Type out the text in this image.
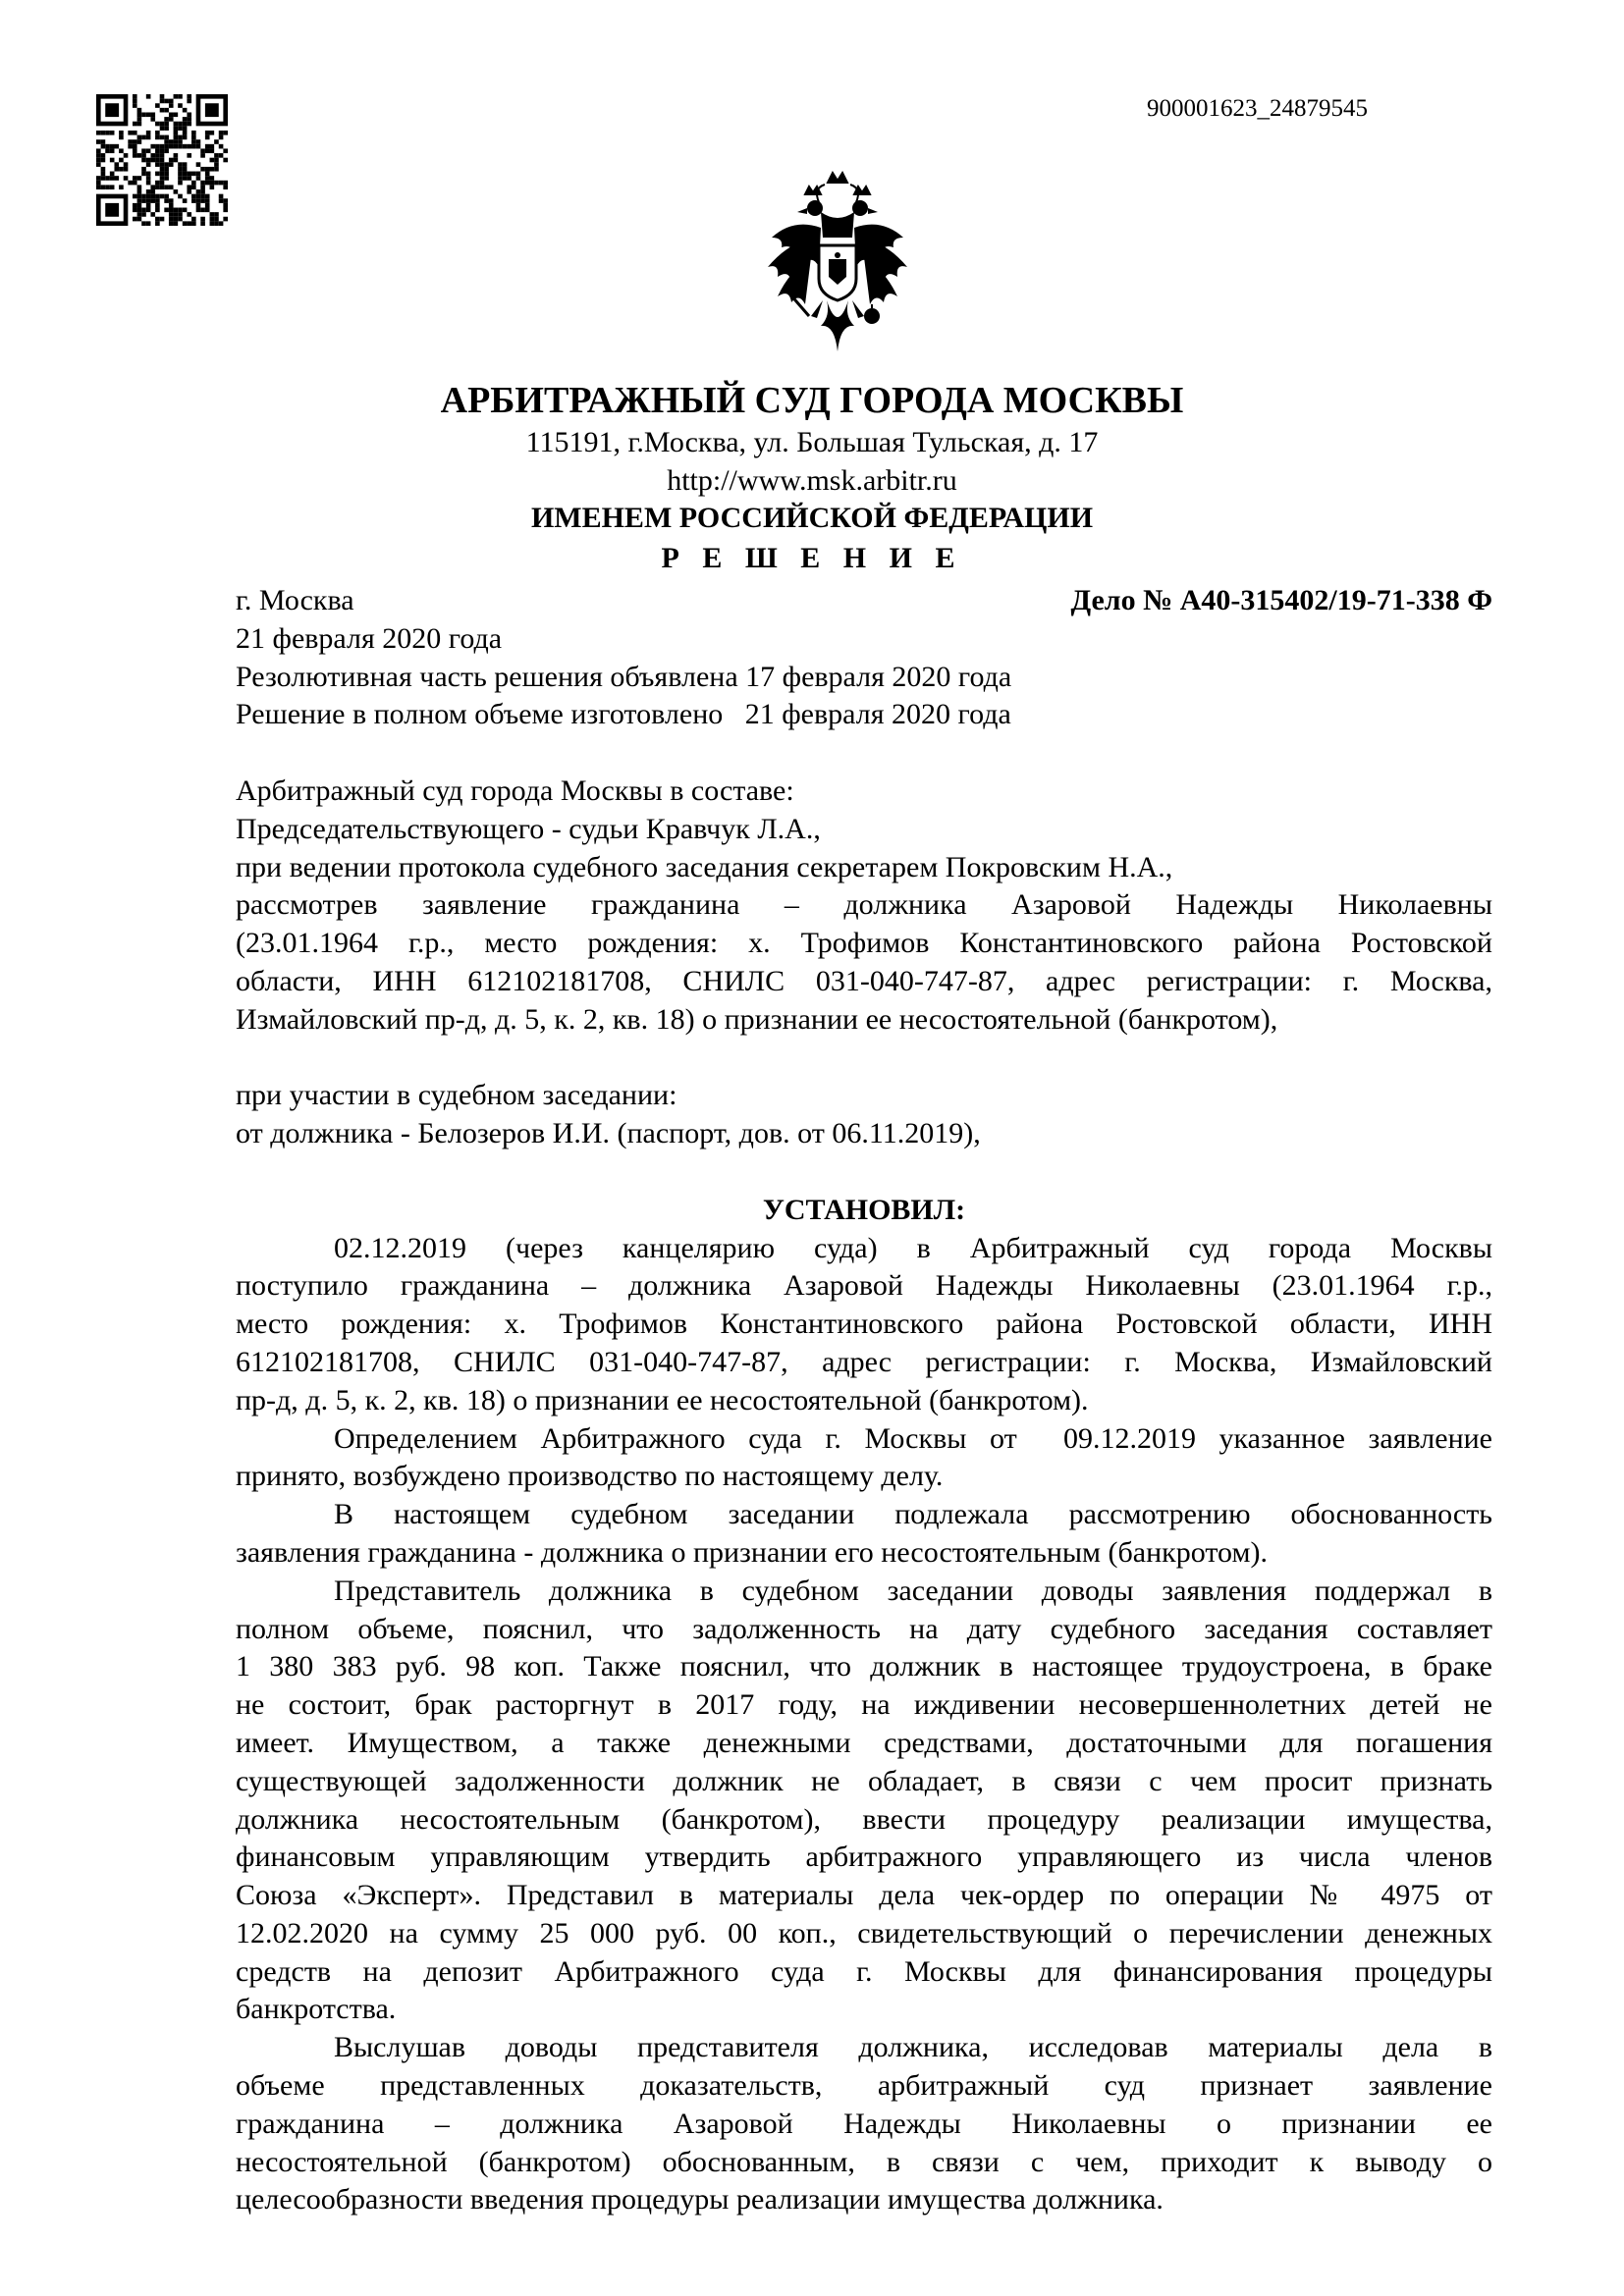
900001623_24879545
АРБИТРАЖНЫЙ СУД ГОРОДА МОСКВЫ
115191, г.Москва, ул. Большая Тульская, д. 17
http://www.msk.arbitr.ru
ИМЕНЕМ РОССИЙСКОЙ ФЕДЕРАЦИИ
Р Е Ш Е Н И Е
г. Москва	Дело № А40-315402/19-71-338 Ф
21 февраля 2020 года
Резолютивная часть решения объявлена 17 февраля 2020 года
Решение в полном объеме изготовлено   21 февраля 2020 года
Арбитражный суд города Москвы в составе:
Председательствующего - судьи Кравчук Л.А.,
при ведении протокола судебного заседания секретарем Покровским Н.А.,
рассмотрев заявление гражданина – должника Азаровой Надежды Николаевны
(23.01.1964 г.р., место рождения: х. Трофимов Константиновского района Ростовской
области, ИНН 612102181708, СНИЛС 031-040-747-87, адрес регистрации: г. Москва,
Измайловский пр-д, д. 5, к. 2, кв. 18) о признании ее несостоятельной (банкротом),
при участии в судебном заседании:
от должника - Белозеров И.И. (паспорт, дов. от 06.11.2019),
УСТАНОВИЛ:
02.12.2019 (через канцелярию суда) в Арбитражный суд города Москвы
поступило гражданина – должника Азаровой Надежды Николаевны (23.01.1964 г.р.,
место рождения: х. Трофимов Константиновского района Ростовской области, ИНН
612102181708, СНИЛС 031-040-747-87, адрес регистрации: г. Москва, Измайловский
пр-д, д. 5, к. 2, кв. 18) о признании ее несостоятельной (банкротом).
Определением Арбитражного суда г. Москвы от  09.12.2019 указанное заявление
принято, возбуждено производство по настоящему делу.
В настоящем судебном заседании подлежала рассмотрению обоснованность
заявления гражданина - должника о признании его несостоятельным (банкротом).
Представитель должника в судебном заседании доводы заявления поддержал в
полном объеме, пояснил, что задолженность на дату судебного заседания составляет
1 380 383 руб. 98 коп. Также пояснил, что должник в настоящее трудоустроена, в браке
не состоит, брак расторгнут в 2017 году, на иждивении несовершеннолетних детей не
имеет. Имуществом, а также денежными средствами, достаточными для погашения
существующей задолженности должник не обладает, в связи с чем просит признать
должника несостоятельным (банкротом), ввести процедуру реализации имущества,
финансовым управляющим утвердить арбитражного управляющего из числа членов
Союза «Эксперт». Представил в материалы дела чек-ордер по операции № 4975 от
12.02.2020 на сумму 25 000 руб. 00 коп., свидетельствующий о перечислении денежных
средств на депозит Арбитражного суда г. Москвы для финансирования процедуры
банкротства.
Выслушав доводы представителя должника, исследовав материалы дела в
объеме представленных доказательств, арбитражный суд признает заявление
гражданина – должника Азаровой Надежды Николаевны о признании ее
несостоятельной (банкротом) обоснованным, в связи с чем, приходит к выводу о
целесообразности введения процедуры реализации имущества должника.
